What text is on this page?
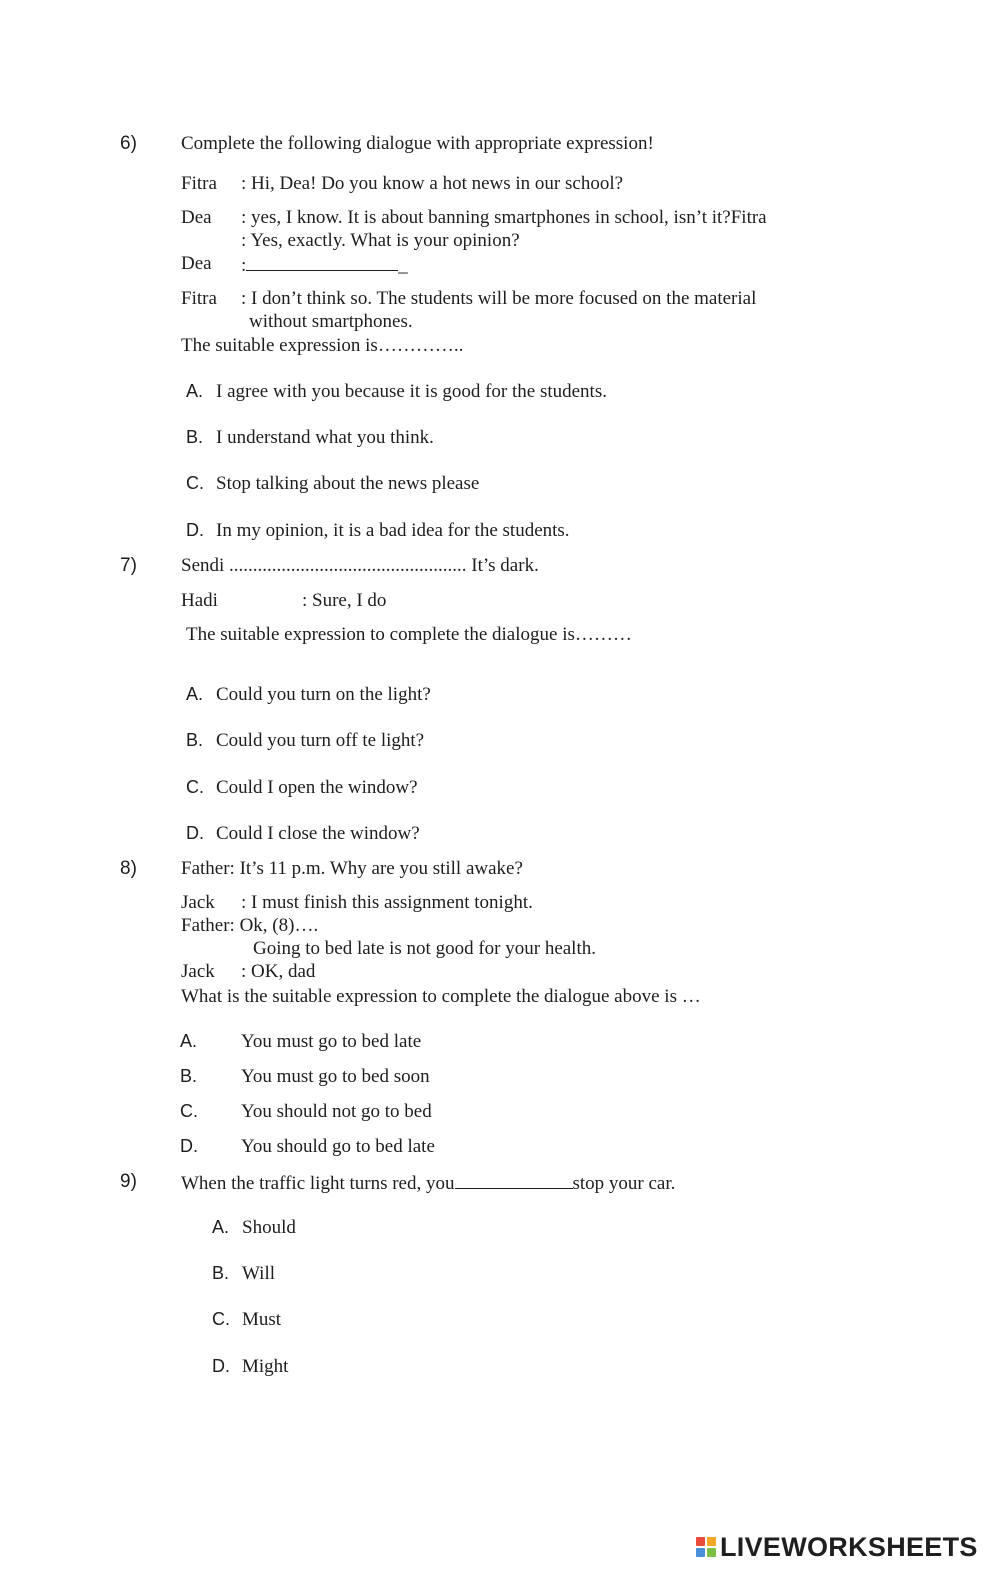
6) Complete the following dialogue with appropriate expression!
Fitra : Hi, Dea! Do you know a hot news in our school?
Dea : yes, I know. It is about banning smartphones in school, isn’t it?Fitra
: Yes, exactly. What is your opinion?
Dea :	_
Fitra : I don’t think so. The students will be more focused on the material
without smartphones.
The suitable expression is…………..
A. I agree with you because it is good for the students.
B. I understand what you think.
C. Stop talking about the news please
D. In my opinion, it is a bad idea for the students.
7) Sendi .................................................. It’s dark.
Hadi	: Sure, I do
The suitable expression to complete the dialogue is………
A. Could you turn on the light?
B. Could you turn off te light?
C. Could I open the window?
D. Could I close the window?
8) Father: It’s 11 p.m. Why are you still awake?
Jack : I must finish this assignment tonight.
Father: Ok, (8)….
Going to bed late is not good for your health.
Jack : OK, dad
What is the suitable expression to complete the dialogue above is …
A. You must go to bed late
B. You must go to bed soon
C. You should not go to bed
D. You should go to bed late
9) When the traffic light turns red, you	stop your car.
A. Should
B. Will
C. Must
D. Might
LIVEWORKSHEETS
